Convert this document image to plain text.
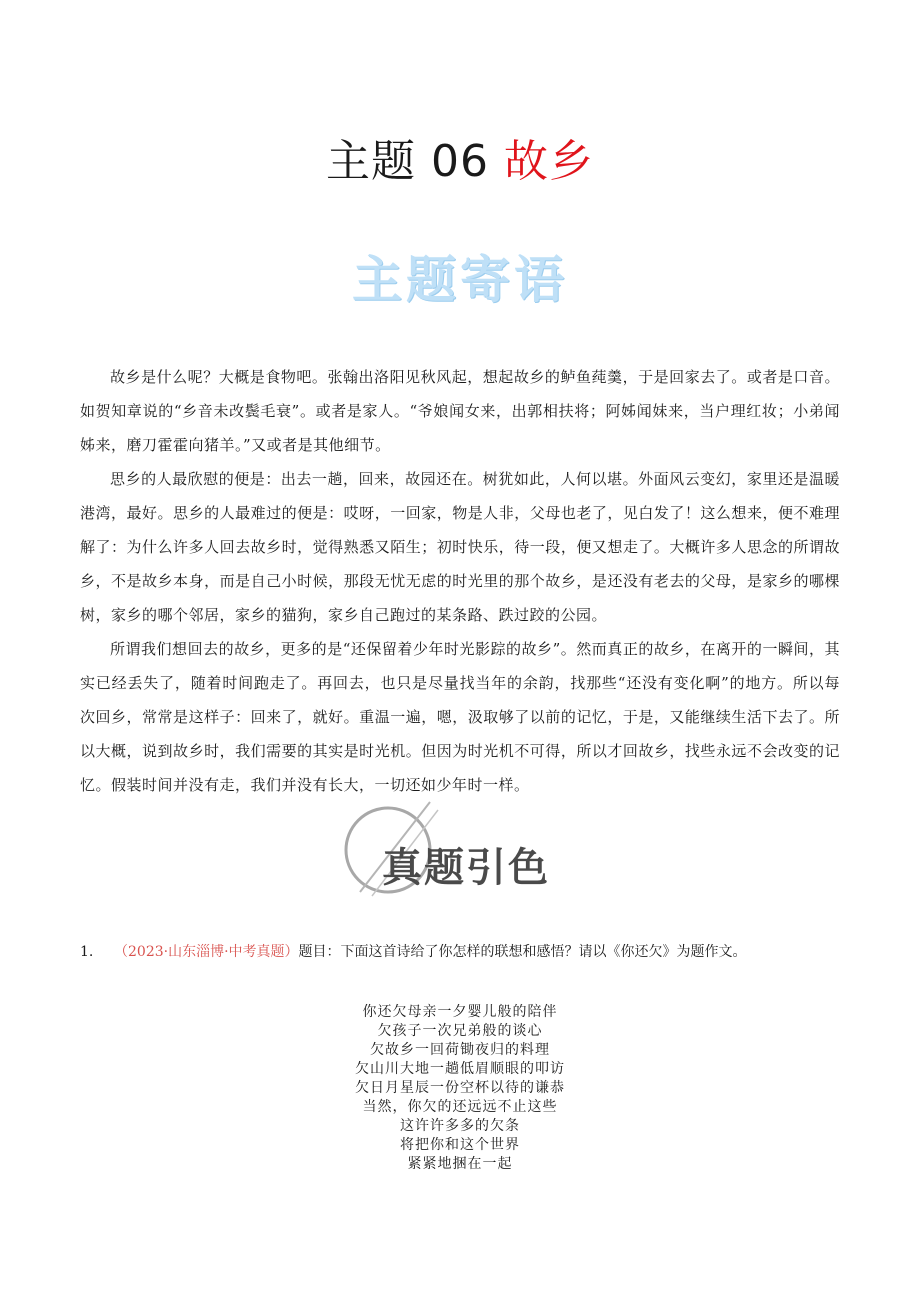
主题 06 故乡
主题寄语

故乡是什么呢？大概是食物吧。张翰出洛阳见秋风起，想起故乡的鲈鱼莼羹，于是回家去了。或者是口音。如贺知章说的“乡音未改鬓毛衰”。或者是家人。“爷娘闻女来，出郭相扶将；阿姊闻妹来，当户理红妆；小弟闻姊来，磨刀霍霍向猪羊。”又或者是其他细节。

思乡的人最欣慰的便是：出去一趟，回来，故园还在。树犹如此，人何以堪。外面风云变幻，家里还是温暖港湾，最好。思乡的人最难过的便是：哎呀，一回家，物是人非，父母也老了，见白发了！这么想来，便不难理解了：为什么许多人回去故乡时，觉得熟悉又陌生；初时快乐，待一段，便又想走了。大概许多人思念的所谓故乡，不是故乡本身，而是自己小时候，那段无忧无虑的时光里的那个故乡，是还没有老去的父母，是家乡的哪棵树，家乡的哪个邻居，家乡的猫狗，家乡自己跑过的某条路、跌过跤的公园。

所谓我们想回去的故乡，更多的是“还保留着少年时光影踪的故乡”。然而真正的故乡，在离开的一瞬间，其实已经丢失了，随着时间跑走了。再回去，也只是尽量找当年的余韵，找那些“还没有变化啊”的地方。所以每次回乡，常常是这样子：回来了，就好。重温一遍，嗯，汲取够了以前的记忆，于是，又能继续生活下去了。所以大概，说到故乡时，我们需要的其实是时光机。但因为时光机不可得，所以才回故乡，找些永远不会改变的记忆。假装时间并没有走，我们并没有长大，一切还如少年时一样。

真题引色
1. （2023·山东淄博·中考真题）题目：下面这首诗给了你怎样的联想和感悟？请以《你还欠》为题作文。
你还欠母亲一夕婴儿般的陪伴
欠孩子一次兄弟般的谈心
欠故乡一回荷锄夜归的料理
欠山川大地一趟低眉顺眼的叩访
欠日月星辰一份空杯以待的谦恭
当然，你欠的还远远不止这些
这许许多多的欠条
将把你和这个世界
紧紧地捆在一起
